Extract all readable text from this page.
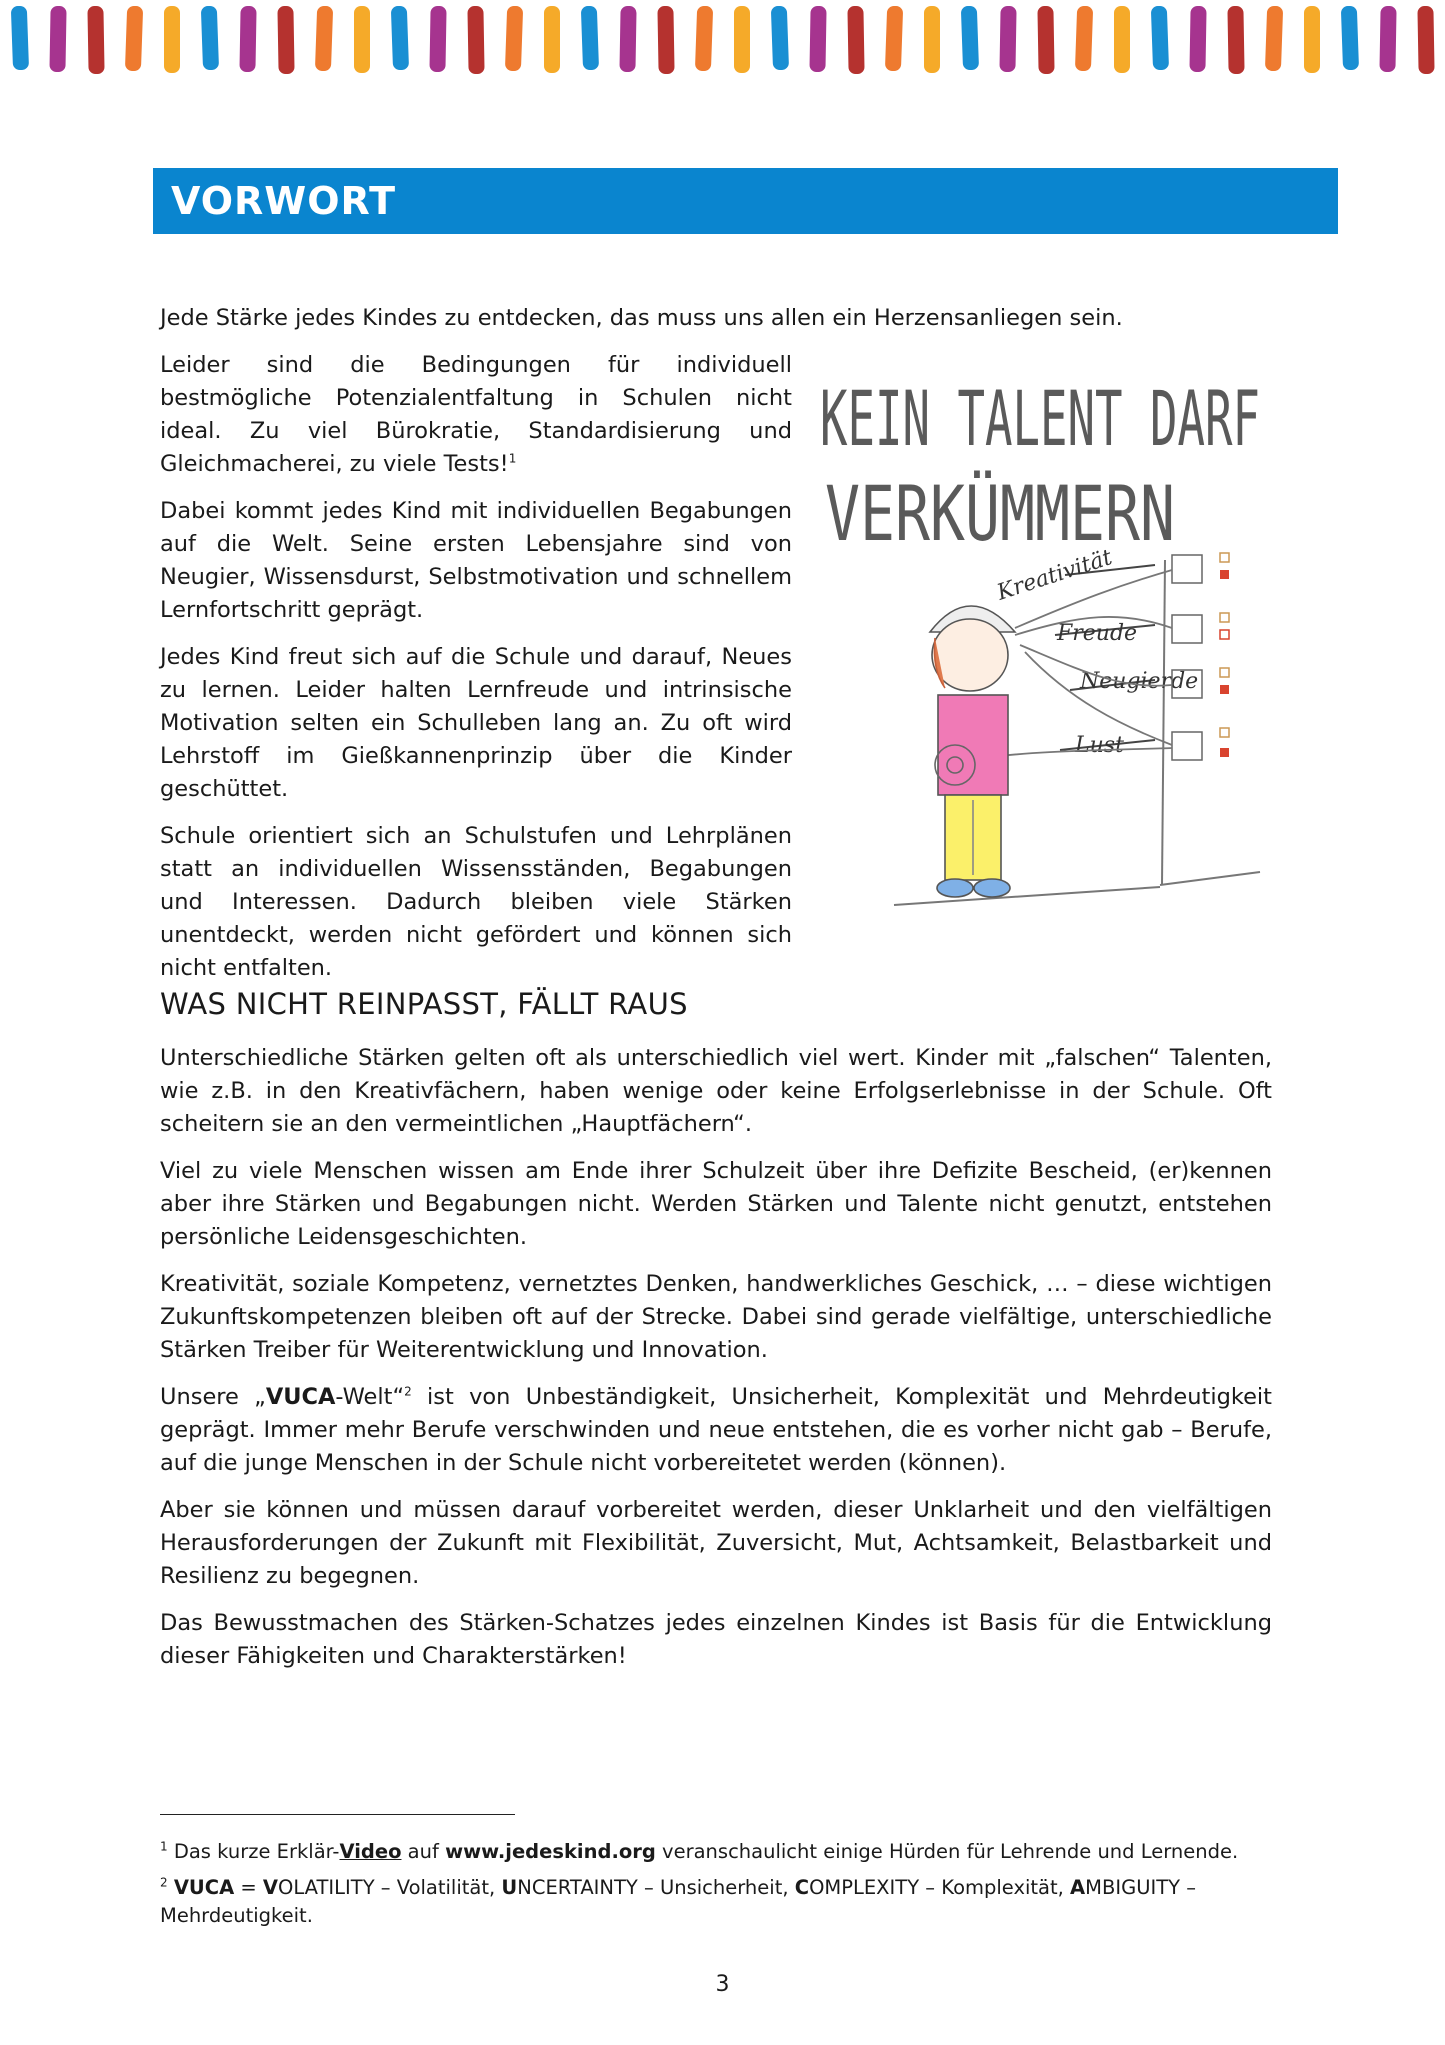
VORWORT
Jede Stärke jedes Kindes zu entdecken, das muss uns allen ein Herzensanliegen sein.

Leider sind die Bedingungen für individuell bestmögliche Potenzialentfaltung in Schulen nicht ideal. Zu viel Bürokratie, Standardisierung und Gleichmacherei, zu viele Tests!$^1$

Dabei kommt jedes Kind mit individuellen Begabungen auf die Welt. Seine ersten Lebensjahre sind von Neugier, Wissensdurst, Selbstmotivation und schnellem Lernfortschritt geprägt.

Jedes Kind freut sich auf die Schule und darauf, Neues zu lernen. Leider halten Lernfreude und intrinsische Motivation selten ein Schulleben lang an. Zu oft wird Lehrstoff im Gießkannenprinzip über die Kinder geschüttet.

Schule orientiert sich an Schulstufen und Lehrplänen statt an individuellen Wissensständen, Begabungen und Interessen. Dadurch bleiben viele Stärken unentdeckt, werden nicht gefördert und können sich nicht entfalten.

KEIN TALENT DARF
VERKÜMMERN
Kreativität
Freude
Neugierde
Lust
WAS NICHT REINPASST, FÄLLT RAUS

Unterschiedliche Stärken gelten oft als unterschiedlich viel wert. Kinder mit „falschen“ Talenten, wie z.B. in den Kreativfächern, haben wenige oder keine Erfolgserlebnisse in der Schule. Oft scheitern sie an den vermeintlichen „Hauptfächern“.

Viel zu viele Menschen wissen am Ende ihrer Schulzeit über ihre Defizite Bescheid, (er)kennen aber ihre Stärken und Begabungen nicht. Werden Stärken und Talente nicht genutzt, entstehen persönliche Leidensgeschichten.

Kreativität, soziale Kompetenz, vernetztes Denken, handwerkliches Geschick, … – diese wichtigen Zukunftskompetenzen bleiben oft auf der Strecke. Dabei sind gerade vielfältige, unterschiedliche Stärken Treiber für Weiterentwicklung und Innovation.

Unsere „VUCA-Welt“$^2$ ist von Unbeständigkeit, Unsicherheit, Komplexität und Mehrdeutigkeit geprägt. Immer mehr Berufe verschwinden und neue entstehen, die es vorher nicht gab – Berufe, auf die junge Menschen in der Schule nicht vorbereitetet werden (können).

Aber sie können und müssen darauf vorbereitet werden, dieser Unklarheit und den vielfältigen Herausforderungen der Zukunft mit Flexibilität, Zuversicht, Mut, Achtsamkeit, Belastbarkeit und Resilienz zu begegnen.

Das Bewusstmachen des Stärken-Schatzes jedes einzelnen Kindes ist Basis für die Entwicklung dieser Fähigkeiten und Charakterstärken!

$^1$ Das kurze Erklär-Video auf www.jedeskind.org veranschaulicht einige Hürden für Lehrende und Lernende.

$^2$ VUCA = VOLATILITY – Volatilität, UNCERTAINTY – Unsicherheit, COMPLEXITY – Komplexität, AMBIGUITY – Mehrdeutigkeit.

3
